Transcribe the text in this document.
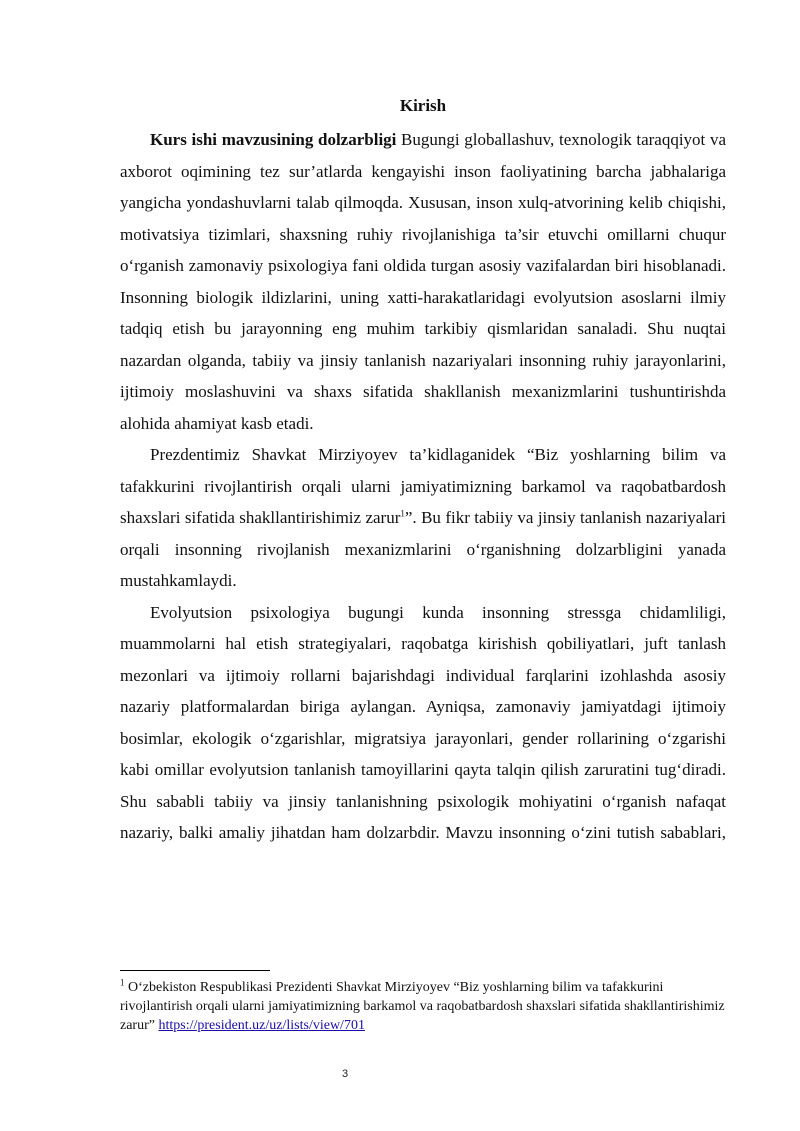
Kirish

Kurs ishi mavzusining dolzarbligi Bugungi globallashuv, texnologik taraqqiyot va axborot oqimining tez sur’atlarda kengayishi inson faoliyatining barcha jabhalariga yangicha yondashuvlarni talab qilmoqda. Xususan, inson xulq-atvorining kelib chiqishi, motivatsiya tizimlari, shaxsning ruhiy rivojlanishiga ta’sir etuvchi omillarni chuqur o‘rganish zamonaviy psixologiya fani oldida turgan asosiy vazifalardan biri hisoblanadi. Insonning biologik ildizlarini, uning xatti-harakatlaridagi evolyutsion asoslarni ilmiy tadqiq etish bu jarayonning eng muhim tarkibiy qismlaridan sanaladi. Shu nuqtai nazardan olganda, tabiiy va jinsiy tanlanish nazariyalari insonning ruhiy jarayonlarini, ijtimoiy moslashuvini va shaxs sifatida shakllanish mexanizmlarini tushuntirishda alohida ahamiyat kasb etadi.

Prezdentimiz Shavkat Mirziyoyev ta’kidlaganidek “Biz yoshlarning bilim va tafakkurini rivojlantirish orqali ularni jamiyatimizning barkamol va raqobatbardosh shaxslari sifatida shakllantirishimiz zarur$^1$”. Bu fikr tabiiy va jinsiy tanlanish nazariyalari orqali insonning rivojlanish mexanizmlarini o‘rganishning dolzarbligini yanada mustahkamlaydi.

Evolyutsion psixologiya bugungi kunda insonning stressga chidamliligi, muammolarni hal etish strategiyalari, raqobatga kirishish qobiliyatlari, juft tanlash mezonlari va ijtimoiy rollarni bajarishdagi individual farqlarini izohlashda asosiy nazariy platformalardan biriga aylangan. Ayniqsa, zamonaviy jamiyatdagi ijtimoiy bosimlar, ekologik o‘zgarishlar, migratsiya jarayonlari, gender rollarining o‘zgarishi kabi omillar evolyutsion tanlanish tamoyillarini qayta talqin qilish zaruratini tug‘diradi. Shu sababli tabiiy va jinsiy tanlanishning psixologik mohiyatini o‘rganish nafaqat nazariy, balki amaliy jihatdan ham dolzarbdir. Mavzu insonning o‘zini tutish sabablari,

$^1$ O‘zbekiston Respublikasi Prezidenti Shavkat Mirziyoyev “Biz yoshlarning bilim va tafakkurini rivojlantirish orqali ularni jamiyatimizning barkamol va raqobatbardosh shaxslari sifatida shakllantirishimiz zarur” https://president.uz/uz/lists/view/701
3
